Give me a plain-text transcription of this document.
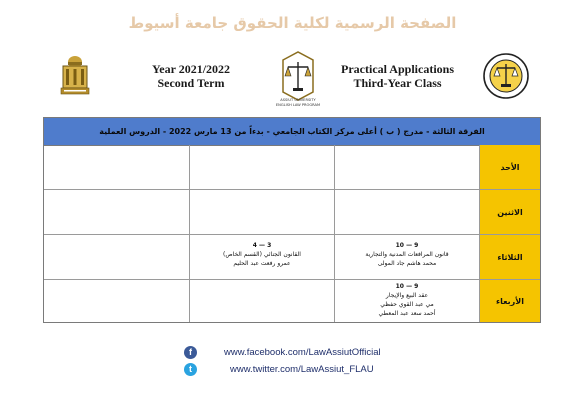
الصفحة الرسمية لكلية الحقوق جامعة أسيوط
ASSIUT UNIVERSITY
ENGLISH LAW PROGRAM
Year 2021/2022
Second Term
Practical Applications
Third-Year Class
الفرقة الثالثة - مدرج ( ب ) أعلى مركز الكتاب الجامعي - بدءاً من 13 مارس 2022 - الدروس العملية
الأحد
الاثنين
3 — 4
القانون الجنائي (القسم الخاص)
عمرو رفعت عبد الحليم
9 — 10
قانون المرافعات المدنية والتجارية
محمد هاشم جاد المولى
الثلاثاء
9 — 10
عقد البيع والإيجار
مي عبد القوي حفظي
أحمد سعد عبد المعطي
الأربعاء
f	www.facebook.com/LawAssiutOfficial
t	www.twitter.com/LawAssiut_FLAU
